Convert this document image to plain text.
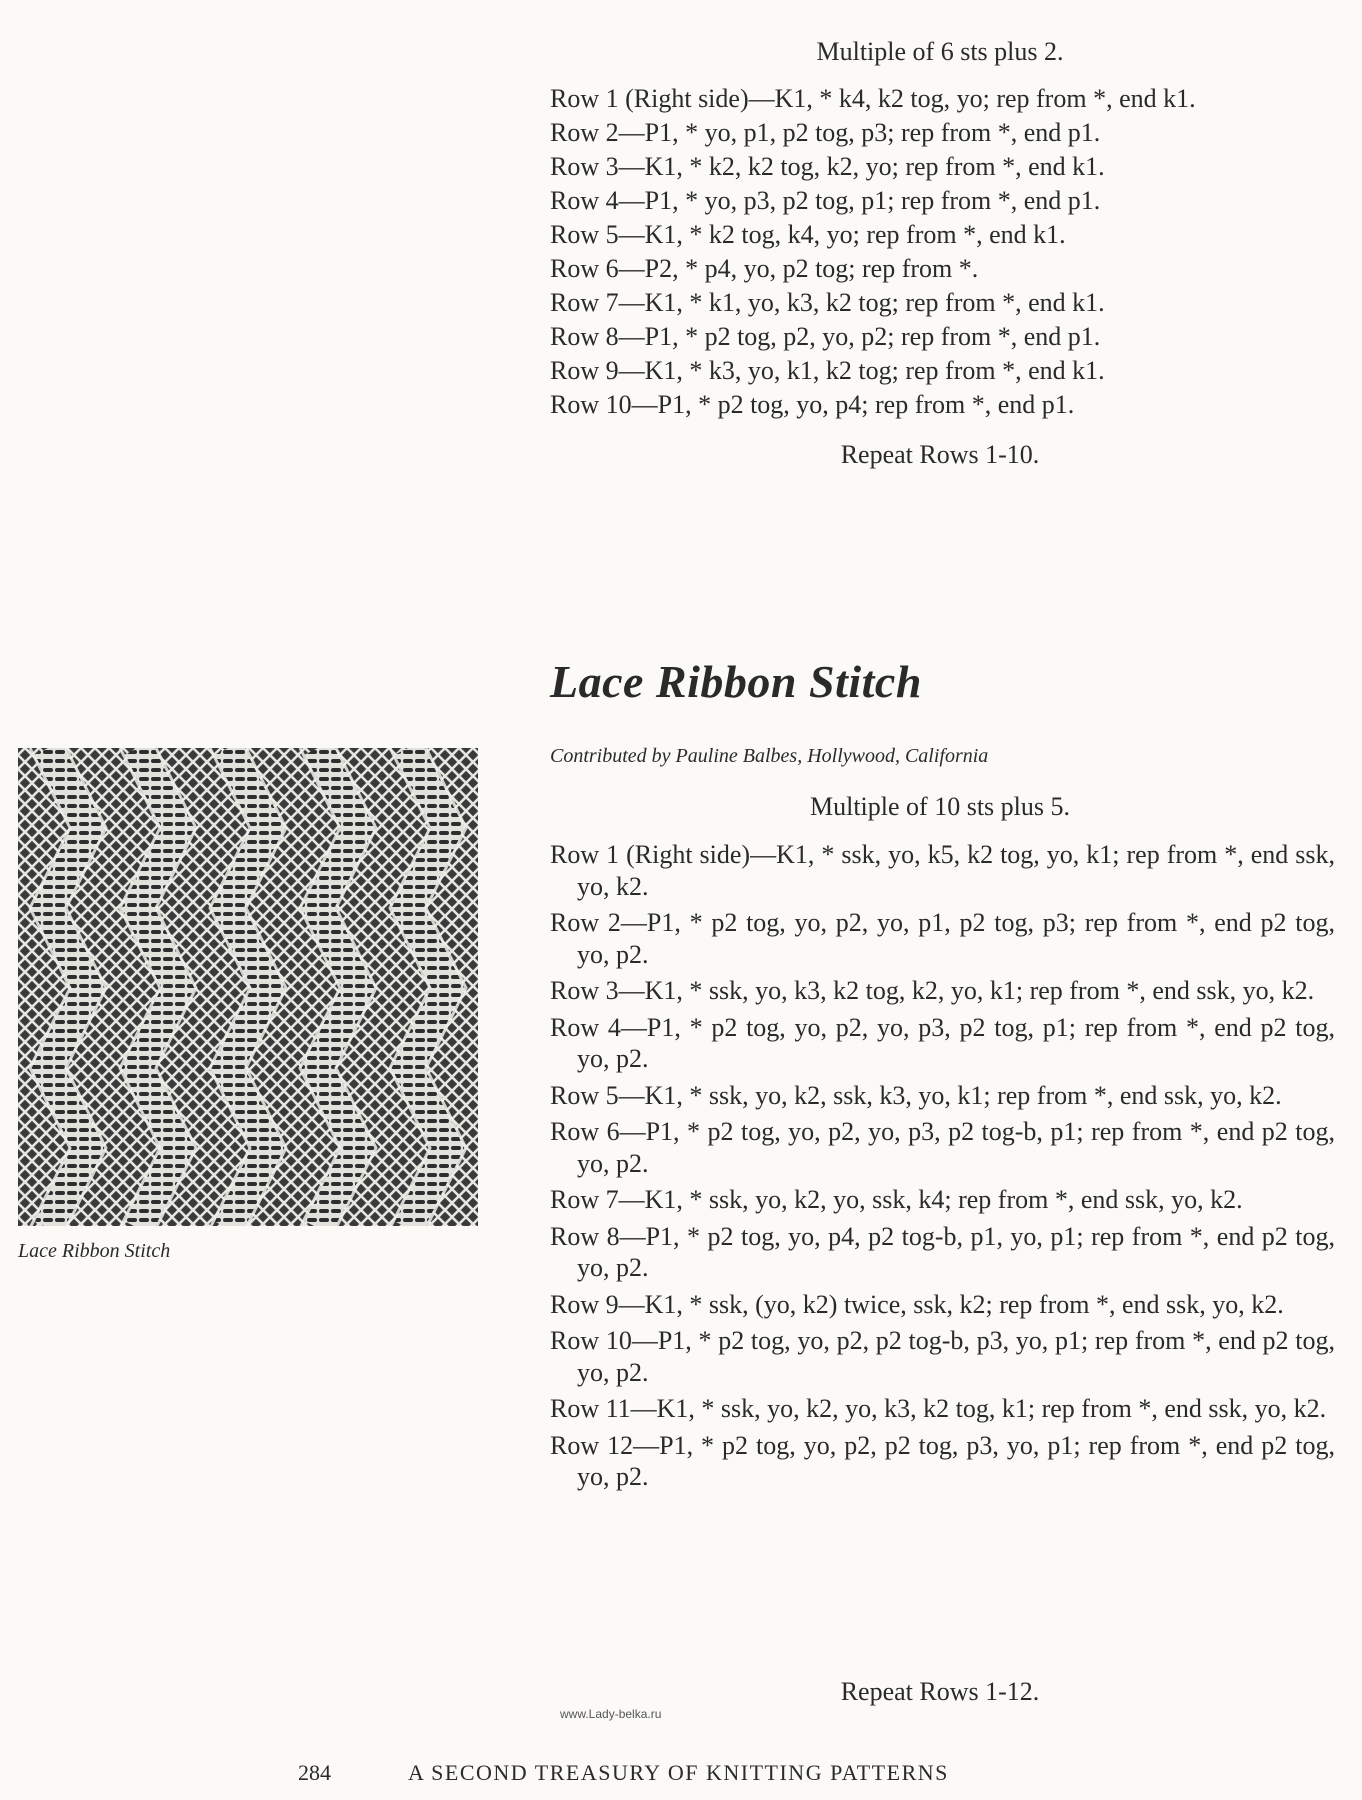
Multiple of 6 sts plus 2.
Row 1 (Right side)—K1, * k4, k2 tog, yo; rep from *, end k1.
Row 2—P1, * yo, p1, p2 tog, p3; rep from *, end p1.
Row 3—K1, * k2, k2 tog, k2, yo; rep from *, end k1.
Row 4—P1, * yo, p3, p2 tog, p1; rep from *, end p1.
Row 5—K1, * k2 tog, k4, yo; rep from *, end k1.
Row 6—P2, * p4, yo, p2 tog; rep from *.
Row 7—K1, * k1, yo, k3, k2 tog; rep from *, end k1.
Row 8—P1, * p2 tog, p2, yo, p2; rep from *, end p1.
Row 9—K1, * k3, yo, k1, k2 tog; rep from *, end k1.
Row 10—P1, * p2 tog, yo, p4; rep from *, end p1.
Repeat Rows 1-10.
Lace Ribbon Stitch
Contributed by Pauline Balbes, Hollywood, California
Multiple of 10 sts plus 5.
Row 1 (Right side)—K1, * ssk, yo, k5, k2 tog, yo, k1; rep from *, end ssk, yo, k2.
Row 2—P1, * p2 tog, yo, p2, yo, p1, p2 tog, p3; rep from *, end p2 tog, yo, p2.
Row 3—K1, * ssk, yo, k3, k2 tog, k2, yo, k1; rep from *, end ssk, yo, k2.
Row 4—P1, * p2 tog, yo, p2, yo, p3, p2 tog, p1; rep from *, end p2 tog, yo, p2.
Row 5—K1, * ssk, yo, k2, ssk, k3, yo, k1; rep from *, end ssk, yo, k2.
Row 6—P1, * p2 tog, yo, p2, yo, p3, p2 tog-b, p1; rep from *, end p2 tog, yo, p2.
Row 7—K1, * ssk, yo, k2, yo, ssk, k4; rep from *, end ssk, yo, k2.
Row 8—P1, * p2 tog, yo, p4, p2 tog-b, p1, yo, p1; rep from *, end p2 tog, yo, p2.
Row 9—K1, * ssk, (yo, k2) twice, ssk, k2; rep from *, end ssk, yo, k2.
Row 10—P1, * p2 tog, yo, p2, p2 tog-b, p3, yo, p1; rep from *, end p2 tog, yo, p2.
Row 11—K1, * ssk, yo, k2, yo, k3, k2 tog, k1; rep from *, end ssk, yo, k2.
Row 12—P1, * p2 tog, yo, p2, p2 tog, p3, yo, p1; rep from *, end p2 tog, yo, p2.
Repeat Rows 1-12.
Lace Ribbon Stitch
www.Lady-belka.ru
284	A SECOND TREASURY OF KNITTING PATTERNS
